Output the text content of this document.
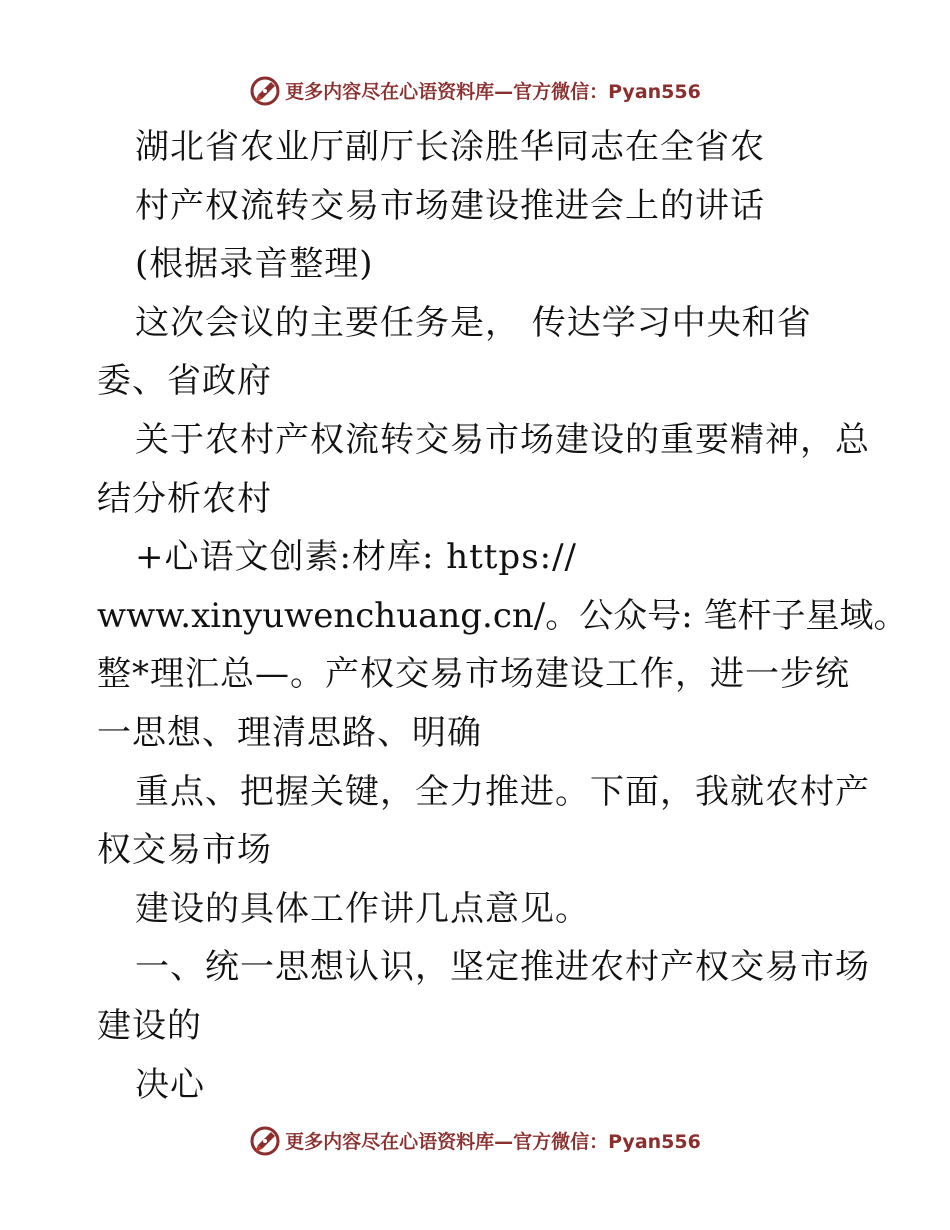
更多内容尽在心语资料库—官方微信：Pyan556
湖北省农业厅副厅长涂胜华同志在全省农
村产权流转交易市场建设推进会上的讲话
(根据录音整理)
这次会议的主要任务是， 传达学习中央和省
委、省政府
关于农村产权流转交易市场建设的重要精神，总
结分析农村
+心语文创素:材库: https://
www.xinyuwenchuang.cn/。公众号: 笔杆子星域。
整*理汇总—。产权交易市场建设工作，进一步统
一思想、理清思路、明确
重点、把握关键，全力推进。下面，我就农村产
权交易市场
建设的具体工作讲几点意见。
一、统一思想认识，坚定推进农村产权交易市场
建设的
决心
更多内容尽在心语资料库—官方微信：Pyan556
